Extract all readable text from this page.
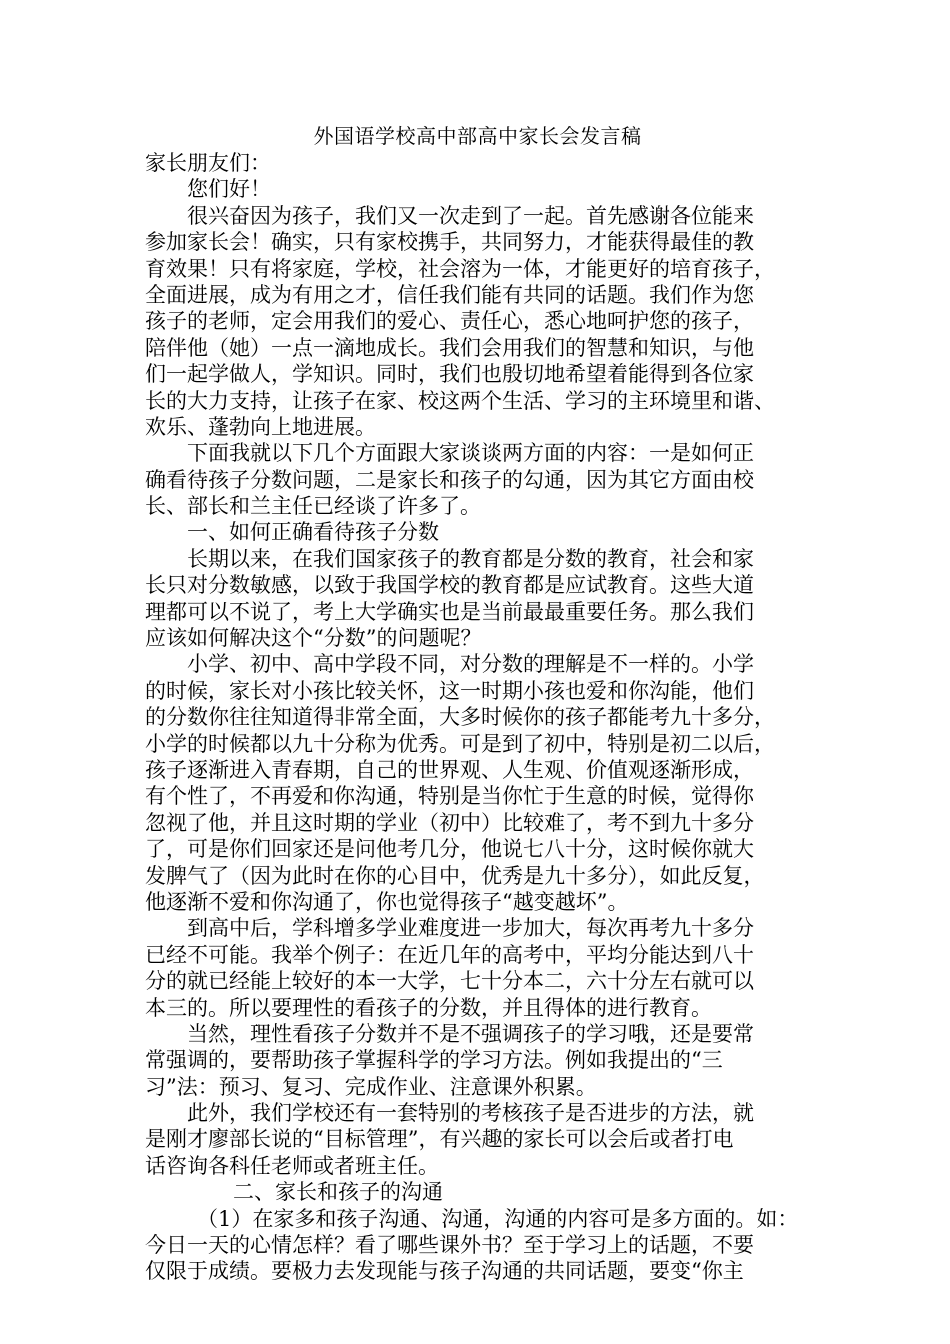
外国语学校高中部高中家长会发言稿
家长朋友们：
您们好！
很兴奋因为孩子，我们又一次走到了一起。首先感谢各位能来
参加家长会！确实，只有家校携手，共同努力，才能获得最佳的教
育效果！只有将家庭，学校，社会溶为一体，才能更好的培育孩子，
全面进展，成为有用之才，信任我们能有共同的话题。我们作为您
孩子的老师，定会用我们的爱心、责任心，悉心地呵护您的孩子，
陪伴他（她）一点一滴地成长。我们会用我们的智慧和知识，与他
们一起学做人，学知识。同时，我们也殷切地希望着能得到各位家
长的大力支持，让孩子在家、校这两个生活、学习的主环境里和谐、
欢乐、蓬勃向上地进展。
下面我就以下几个方面跟大家谈谈两方面的内容：一是如何正
确看待孩子分数问题，二是家长和孩子的勾通，因为其它方面由校
长、部长和兰主任已经谈了许多了。
一、如何正确看待孩子分数
长期以来，在我们国家孩子的教育都是分数的教育，社会和家
长只对分数敏感，以致于我国学校的教育都是应试教育。这些大道
理都可以不说了，考上大学确实也是当前最最重要任务。那么我们
应该如何解决这个“分数”的问题呢？
小学、初中、高中学段不同，对分数的理解是不一样的。小学
的时候，家长对小孩比较关怀，这一时期小孩也爱和你沟能，他们
的分数你往往知道得非常全面，大多时候你的孩子都能考九十多分，
小学的时候都以九十分称为优秀。可是到了初中，特别是初二以后，
孩子逐渐进入青春期，自己的世界观、人生观、价值观逐渐形成，
有个性了，不再爱和你沟通，特别是当你忙于生意的时候，觉得你
忽视了他，并且这时期的学业（初中）比较难了，考不到九十多分
了，可是你们回家还是问他考几分，他说七八十分，这时候你就大
发脾气了（因为此时在你的心目中，优秀是九十多分），如此反复，
他逐渐不爱和你沟通了，你也觉得孩子“越变越坏”。
到高中后，学科增多学业难度进一步加大，每次再考九十多分
已经不可能。我举个例子：在近几年的高考中，平均分能达到八十
分的就已经能上较好的本一大学，七十分本二，六十分左右就可以
本三的。所以要理性的看孩子的分数，并且得体的进行教育。
当然，理性看孩子分数并不是不强调孩子的学习哦，还是要常
常强调的，要帮助孩子掌握科学的学习方法。例如我提出的“三
习”法：预习、复习、完成作业、注意课外积累。
此外，我们学校还有一套特别的考核孩子是否进步的方法，就
是刚才廖部长说的“目标管理”，有兴趣的家长可以会后或者打电
话咨询各科任老师或者班主任。
二、家长和孩子的沟通
（1）在家多和孩子沟通、沟通，沟通的内容可是多方面的。如：
今日一天的心情怎样？看了哪些课外书？至于学习上的话题，不要
仅限于成绩。要极力去发现能与孩子沟通的共同话题，要变“你主
